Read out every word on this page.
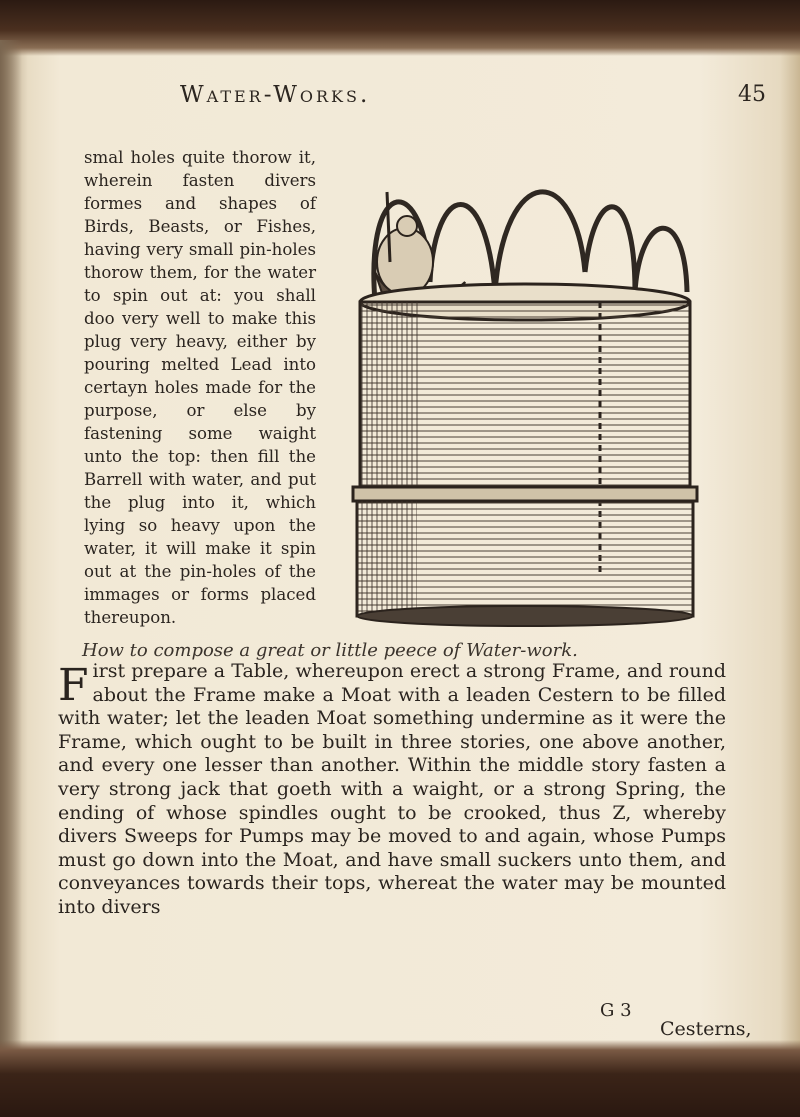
Water-Works.	45

smal holes quite thorow it, wherein fasten divers formes and shapes of Birds, Beasts, or Fishes, having very small pin-holes thorow them, for the water to spin out at: you shall doo very well to make this plug very heavy, either by pouring melted Lead into certayn holes made for the purpose, or else by fastening some waight unto the top: then fill the Barrell with water, and put the plug into it, which lying so heavy upon the water, it will make it spin out at the pin-holes of the immages or forms placed thereupon.

How to compose a great or little peece of Water-work.

First prepare a Table, whereupon erect a strong Frame, and round about the Frame make a Moat with a leaden Cestern to be filled with water; let the leaden Moat something undermine as it were the Frame, which ought to be built in three stories, one above another, and every one lesser than another. Within the middle story fasten a very strong jack that goeth with a waight, or a strong Spring, the ending of whose spindles ought to be crooked, thus Z, whereby divers Sweeps for Pumps may be moved to and again, whose Pumps must go down into the Moat, and have small suckers unto them, and conveyances towards their tops, whereat the water may be mounted into divers

G 3
Cesterns,
